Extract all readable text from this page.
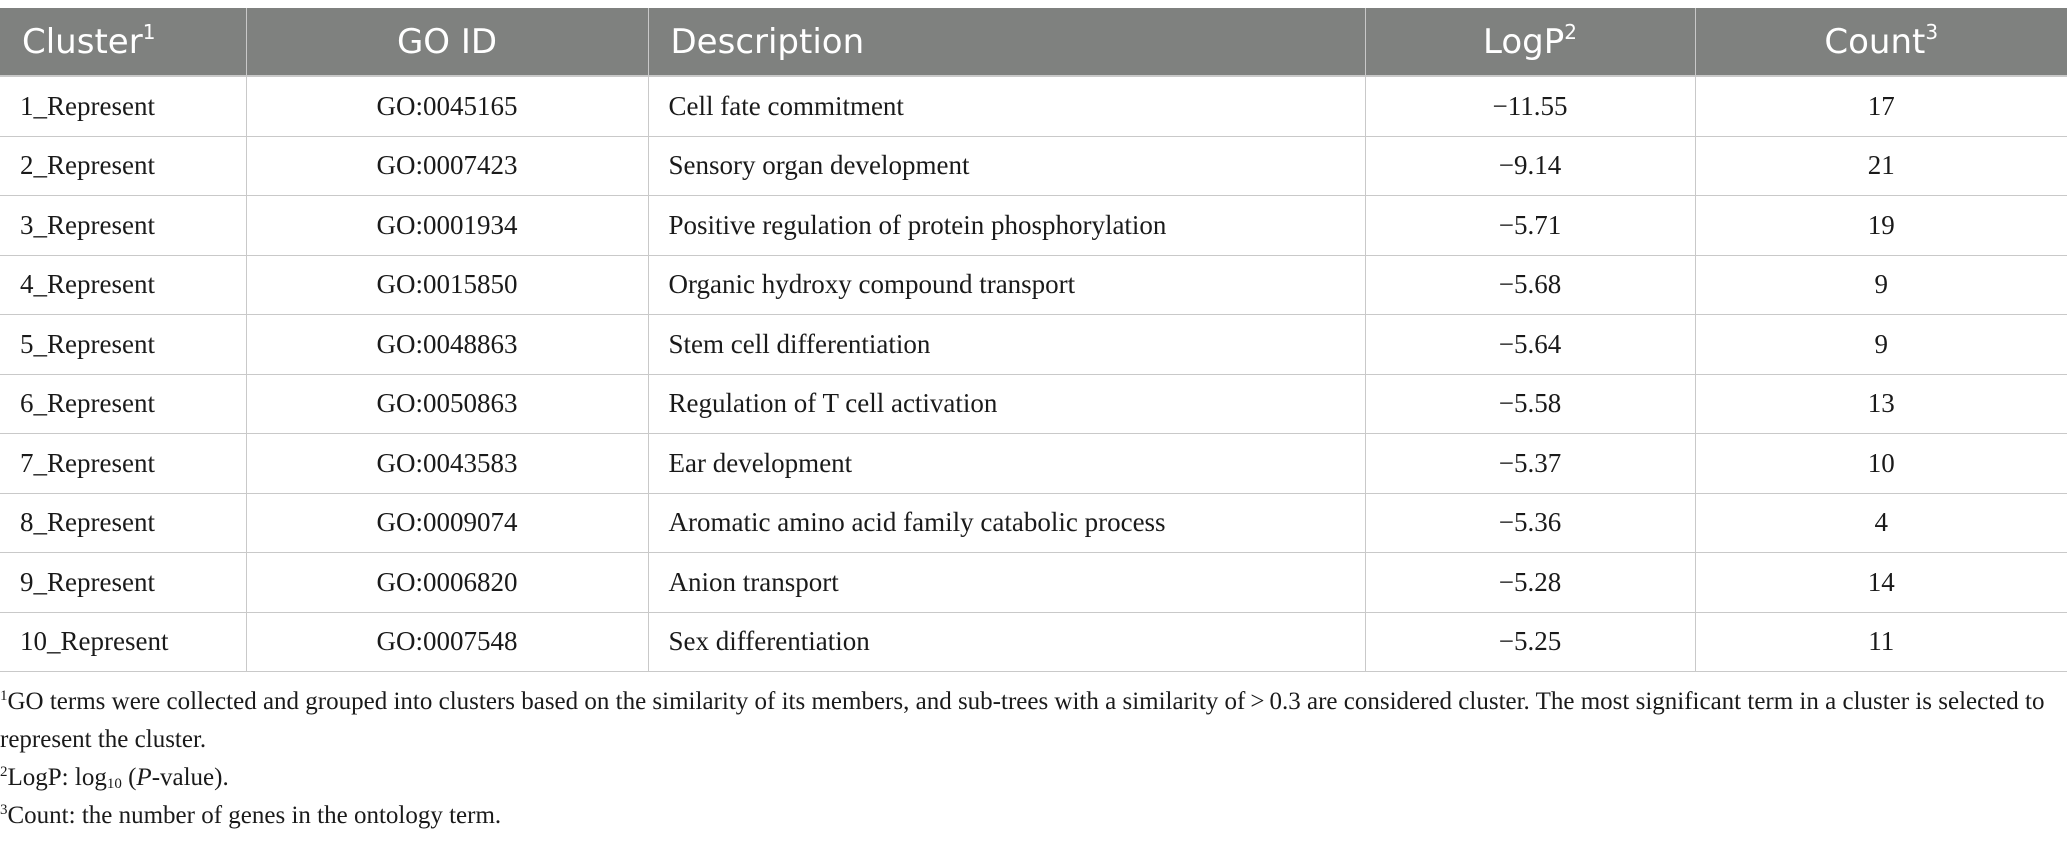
Cluster$^1$	GO ID	Description	LogP$^2$	Count$^3$
1_Represent	GO:0045165	Cell fate commitment	−11.55	17
2_Represent	GO:0007423	Sensory organ development	−9.14	21
3_Represent	GO:0001934	Positive regulation of protein phosphorylation	−5.71	19
4_Represent	GO:0015850	Organic hydroxy compound transport	−5.68	9
5_Represent	GO:0048863	Stem cell differentiation	−5.64	9
6_Represent	GO:0050863	Regulation of T cell activation	−5.58	13
7_Represent	GO:0043583	Ear development	−5.37	10
8_Represent	GO:0009074	Aromatic amino acid family catabolic process	−5.36	4
9_Represent	GO:0006820	Anion transport	−5.28	14
10_Represent	GO:0007548	Sex differentiation	−5.25	11

$^1$GO terms were collected and grouped into clusters based on the similarity of its members, and sub-trees with a similarity of > 0.3 are considered cluster. The most significant term in a cluster is selected to represent the cluster.

$^2$LogP: $\log_{10}$ (P-value).

$^3$Count: the number of genes in the ontology term.
